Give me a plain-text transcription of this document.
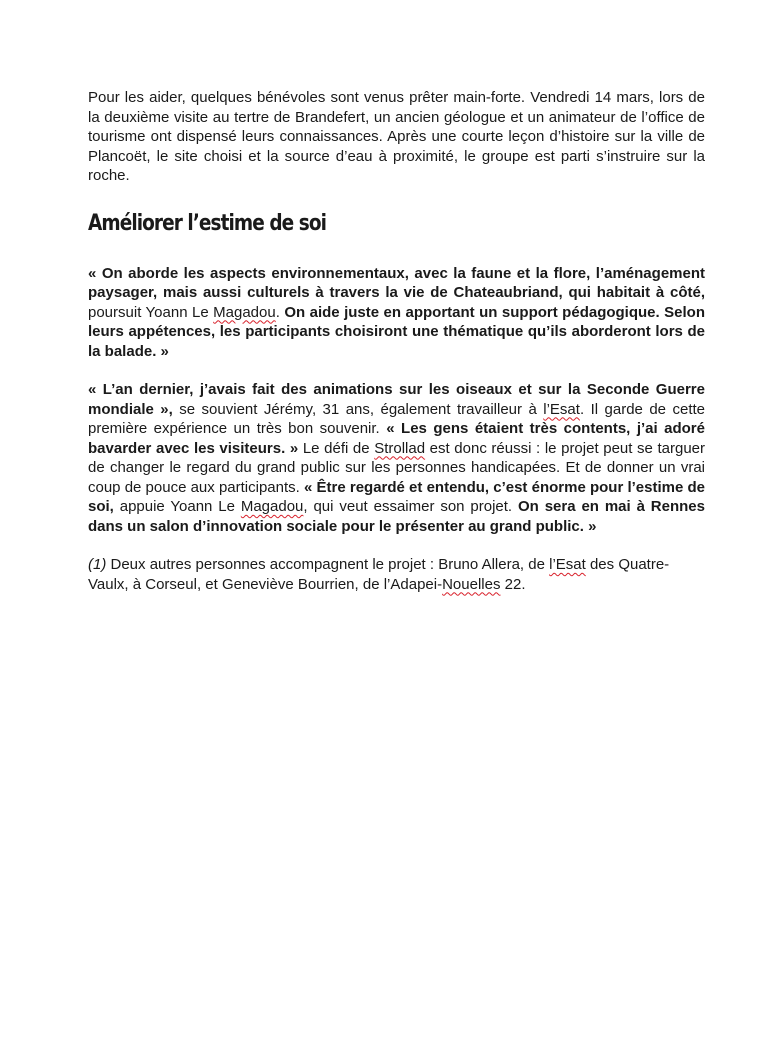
Pour les aider, quelques bénévoles sont venus prêter main-forte. Vendredi 14 mars, lors de la deuxième visite au tertre de Brandefert, un ancien géologue et un animateur de l’office de tourisme ont dispensé leurs connaissances. Après une courte leçon d’histoire sur la ville de Plancoët, le site choisi et la source d’eau à proximité, le groupe est parti s’instruire sur la roche.

Améliorer l’estime de soi

« On aborde les aspects environnementaux, avec la faune et la flore, l’aménagement paysager, mais aussi culturels à travers la vie de Chateaubriand, qui habitait à côté, poursuit Yoann Le Magadou. On aide juste en apportant un support pédagogique. Selon leurs appétences, les participants choisiront une thématique qu’ils aborderont lors de la balade. »

« L’an dernier, j’avais fait des animations sur les oiseaux et sur la Seconde Guerre mondiale », se souvient Jérémy, 31 ans, également travailleur à l’Esat. Il garde de cette première expérience un très bon souvenir. « Les gens étaient très contents, j’ai adoré bavarder avec les visiteurs. » Le défi de Strollad est donc réussi : le projet peut se targuer de changer le regard du grand public sur les personnes handicapées. Et de donner un vrai coup de pouce aux participants. « Être regardé et entendu, c’est énorme pour l’estime de soi, appuie Yoann Le Magadou, qui veut essaimer son projet. On sera en mai à Rennes dans un salon d’innovation sociale pour le présenter au grand public. »

(1) Deux autres personnes accompagnent le projet : Bruno Allera, de l’Esat des Quatre-Vaulx, à Corseul, et Geneviève Bourrien, de l’Adapei-Nouelles 22.
